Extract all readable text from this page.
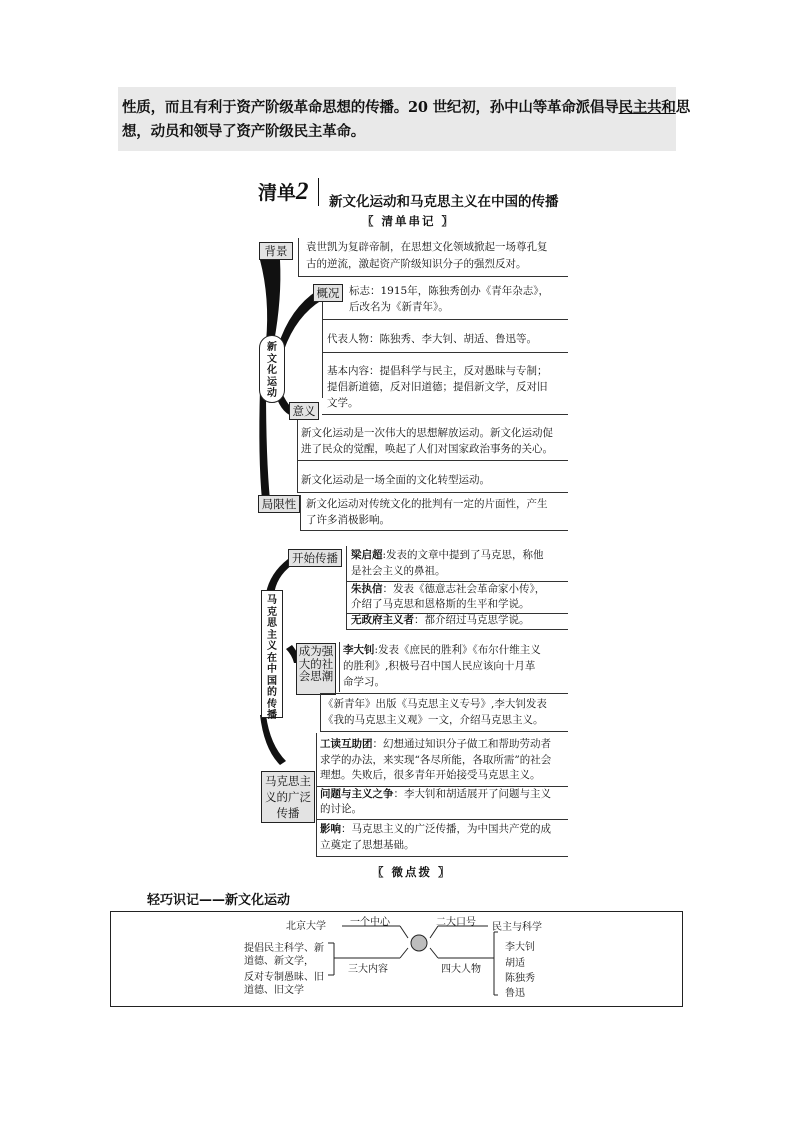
性质，而且有利于资产阶级革命思想的传播。20 世纪初，孙中山等革命派倡导民主共和思

想，动员和领导了资产阶级民主革命。

清单2 新文化运动和马克思主义在中国的传播
〖 清单串记 〗
新文化运动
背景	袁世凯为复辟帝制，在思想文化领域掀起一场尊孔复
古的逆流，激起资产阶级知识分子的强烈反对。
概况 标志：1915年，陈独秀创办《青年杂志》，
后改名为《新青年》。
代表人物：陈独秀、李大钊、胡适、鲁迅等。
基本内容：提倡科学与民主，反对愚昧与专制；
提倡新道德，反对旧道德；提倡新文学，反对旧
文学。
意义
新文化运动是一次伟大的思想解放运动。新文化运动促
进了民众的觉醒，唤起了人们对国家政治事务的关心。
新文化运动是一场全面的文化转型运动。
局限性 新文化运动对传统文化的批判有一定的片面性，产生
了许多消极影响。
马克思主义在中国的传播
开始传播	梁启超:发表的文章中提到了马克思，称他
是社会主义的鼻祖。
朱执信：发表《德意志社会革命家小传》，
介绍了马克思和恩格斯的生平和学说。
无政府主义者：都介绍过马克思学说。
成为强大的社会思潮
李大钊:发表《庶民的胜利》《布尔什维主义
的胜利》,积极号召中国人民应该向十月革
命学习。
《新青年》出版《马克思主义专号》,李大钊发表
《我的马克思主义观》一文，介绍马克思主义。
马克思主义的广泛传播
工读互助团：幻想通过知识分子做工和帮助劳动者
求学的办法，来实现“各尽所能，各取所需”的社会
理想。失败后，很多青年开始接受马克思主义。
问题与主义之争：李大钊和胡适展开了问题与主义
的讨论。
影响：马克思主义的广泛传播，为中国共产党的成
立奠定了思想基础。
〖 微点拨 〗
轻巧识记——新文化运动
北京大学 一个中心	二大口号 民主与科学
提倡民主科学、新
道德、新文学，
反对专制愚昧、旧
道德、旧文学
三大内容	四大人物
李大钊
胡适
陈独秀
鲁迅
